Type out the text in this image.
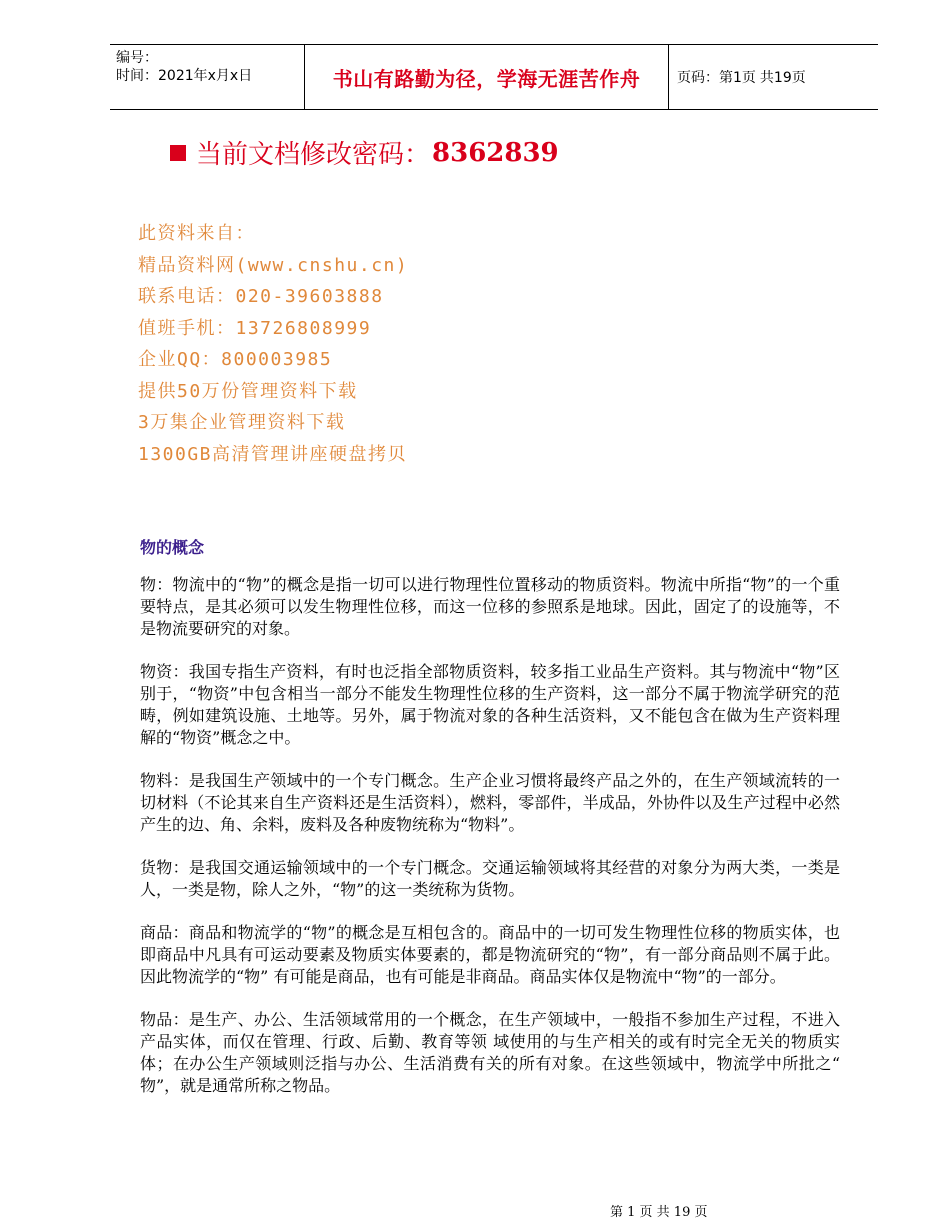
编号：
时间：2021年x月x日	书山有路勤为径，学海无涯苦作舟	页码：第1页 共19页
当前文档修改密码： 8362839
此资料来自：
精品资料网(www.cnshu.cn)
联系电话：020-39603888
值班手机：13726808999
企业QQ：800003985
提供50万份管理资料下载
3万集企业管理资料下载
1300GB高清管理讲座硬盘拷贝
物的概念

物：物流中的“物”的概念是指一切可以进行物理性位置移动的物质资料。物流中所指“物”的一个重要特点，是其必须可以发生物理性位移，而这一位移的参照系是地球。因此，固定了的设施等，不是物流要研究的对象。

物资：我国专指生产资料，有时也泛指全部物质资料，较多指工业品生产资料。其与物流中“物”区别于，“物资”中包含相当一部分不能发生物理性位移的生产资料，这一部分不属于物流学研究的范畴，例如建筑设施、土地等。另外，属于物流对象的各种生活资料，又不能包含在做为生产资料理解的“物资”概念之中。

物料：是我国生产领域中的一个专门概念。生产企业习惯将最终产品之外的，在生产领域流转的一切材料（不论其来自生产资料还是生活资料），燃料，零部件，半成品，外协件以及生产过程中必然产生的边、角、余料，废料及各种废物统称为“物料”。

货物：是我国交通运输领域中的一个专门概念。交通运输领域将其经营的对象分为两大类，一类是人，一类是物，除人之外，“物”的这一类统称为货物。

商品：商品和物流学的“物”的概念是互相包含的。商品中的一切可发生物理性位移的物质实体，也即商品中凡具有可运动要素及物质实体要素的，都是物流研究的“物”，有一部分商品则不属于此。因此物流学的“物” 有可能是商品，也有可能是非商品。商品实体仅是物流中“物”的一部分。

物品：是生产、办公、生活领域常用的一个概念，在生产领域中，一般指不参加生产过程，不进入产品实体，而仅在管理、行政、后勤、教育等领 域使用的与生产相关的或有时完全无关的物质实体；在办公生产领域则泛指与办公、生活消费有关的所有对象。在这些领域中，物流学中所批之“ 物”，就是通常所称之物品。

第 1 页 共 19 页
